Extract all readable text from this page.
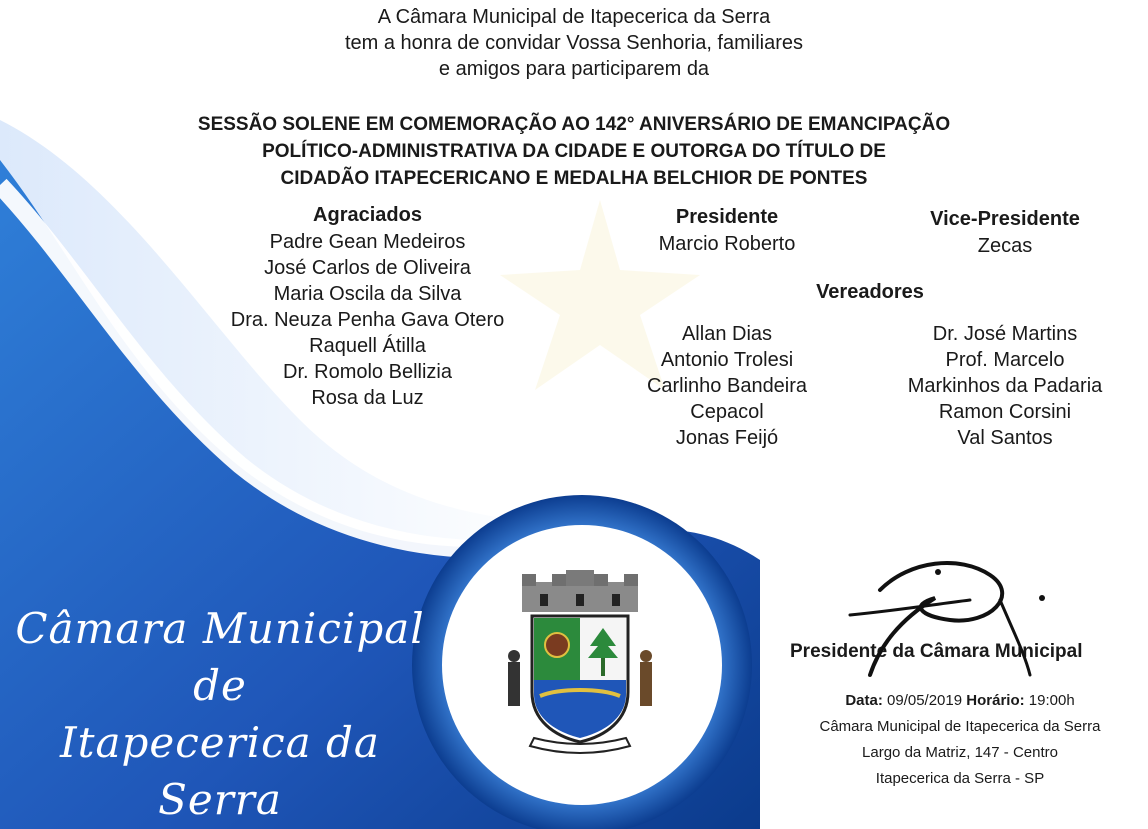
A Câmara Municipal de Itapecerica da Serra
tem a honra de convidar Vossa Senhoria, familiares
e amigos para participarem da
SESSÃO SOLENE EM COMEMORAÇÃO AO 142° ANIVERSÁRIO DE EMANCIPAÇÃO
POLÍTICO-ADMINISTRATIVA DA CIDADE E OUTORGA DO TÍTULO DE
CIDADÃO ITAPECERICANO E MEDALHA BELCHIOR DE PONTES
Agraciados
Padre Gean Medeiros
José Carlos de Oliveira
Maria Oscila da Silva
Dra. Neuza Penha Gava Otero
Raquell Átilla
Dr. Romolo Bellizia
Rosa da Luz
Presidente
Marcio Roberto
Vice-Presidente
Zecas
Vereadores
Allan Dias
Antonio Trolesi
Carlinho Bandeira
Cepacol
Jonas Feijó
Dr. José Martins
Prof. Marcelo
Markinhos da Padaria
Ramon Corsini
Val Santos
Câmara Municipal
de
Itapecerica da Serra
Presidente da Câmara Municipal
Data: 09/05/2019 Horário: 19:00h
Câmara Municipal de Itapecerica da Serra
Largo da Matriz, 147 - Centro
Itapecerica da Serra - SP
